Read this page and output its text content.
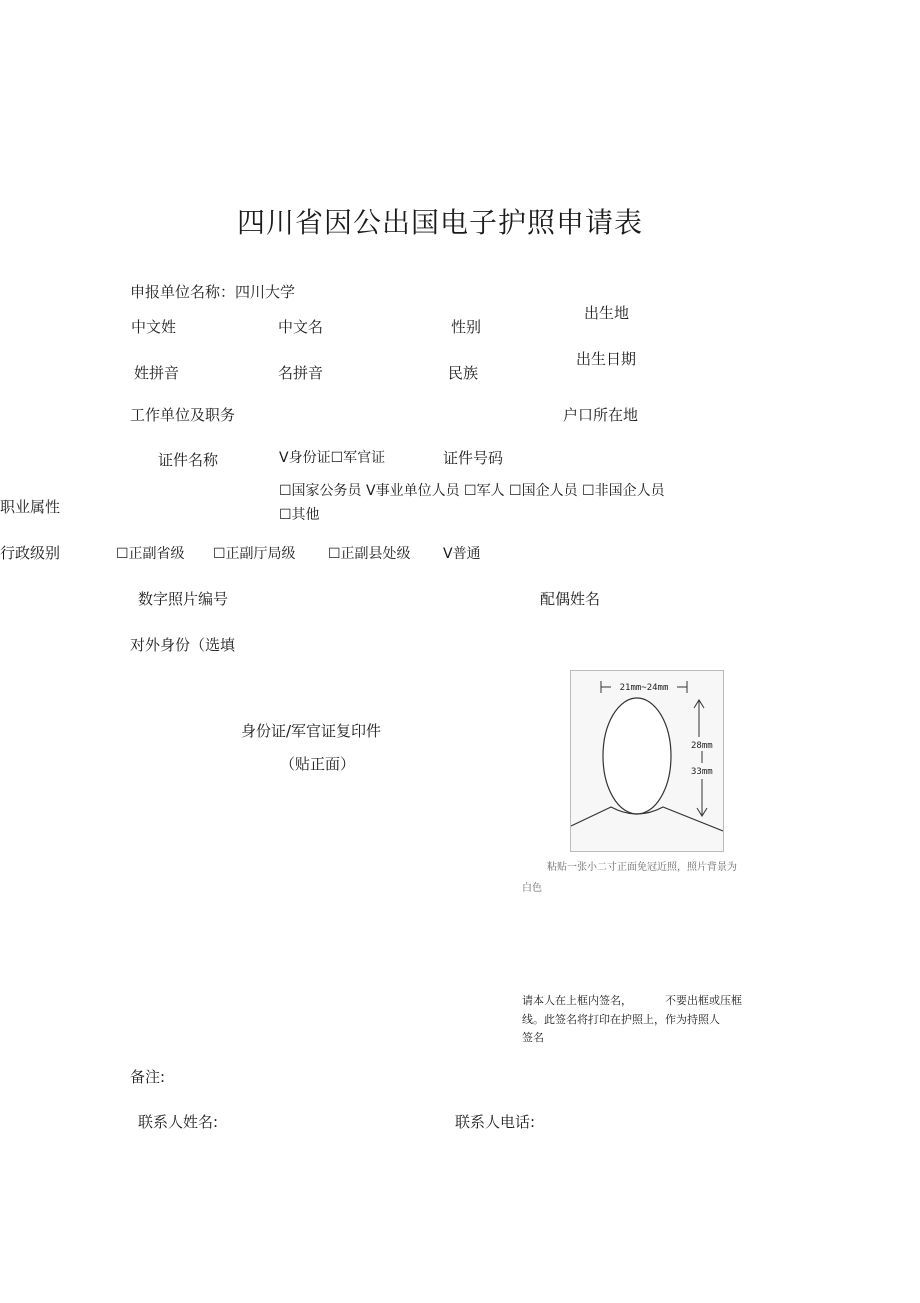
四川省因公出国电子护照申请表
申报单位名称：四川大学
中文姓	中文名	性别
出生地
姓拼音	名拼音	民族
出生日期
工作单位及职务	户口所在地
证件名称	V身份证☐军官证	证件号码
职业属性
☐国家公务员 V事业单位人员 ☐军人 ☐国企人员 ☐非国企人员
☐其他
行政级别	☐正副省级 ☐正副厅局级 ☐正副县处级 V普通
数字照片编号	配偶姓名
对外身份（选填
身份证/军官证复印件
（贴正面）
21mm~24mm
28mm
33mm
粘贴一张小二寸正面免冠近照，照片背景为
白色
请本人在上框内签名，	不要出框或压框
线。此签名将打印在护照上，作为持照人
签名
备注:
联系人姓名:	联系人电话:
